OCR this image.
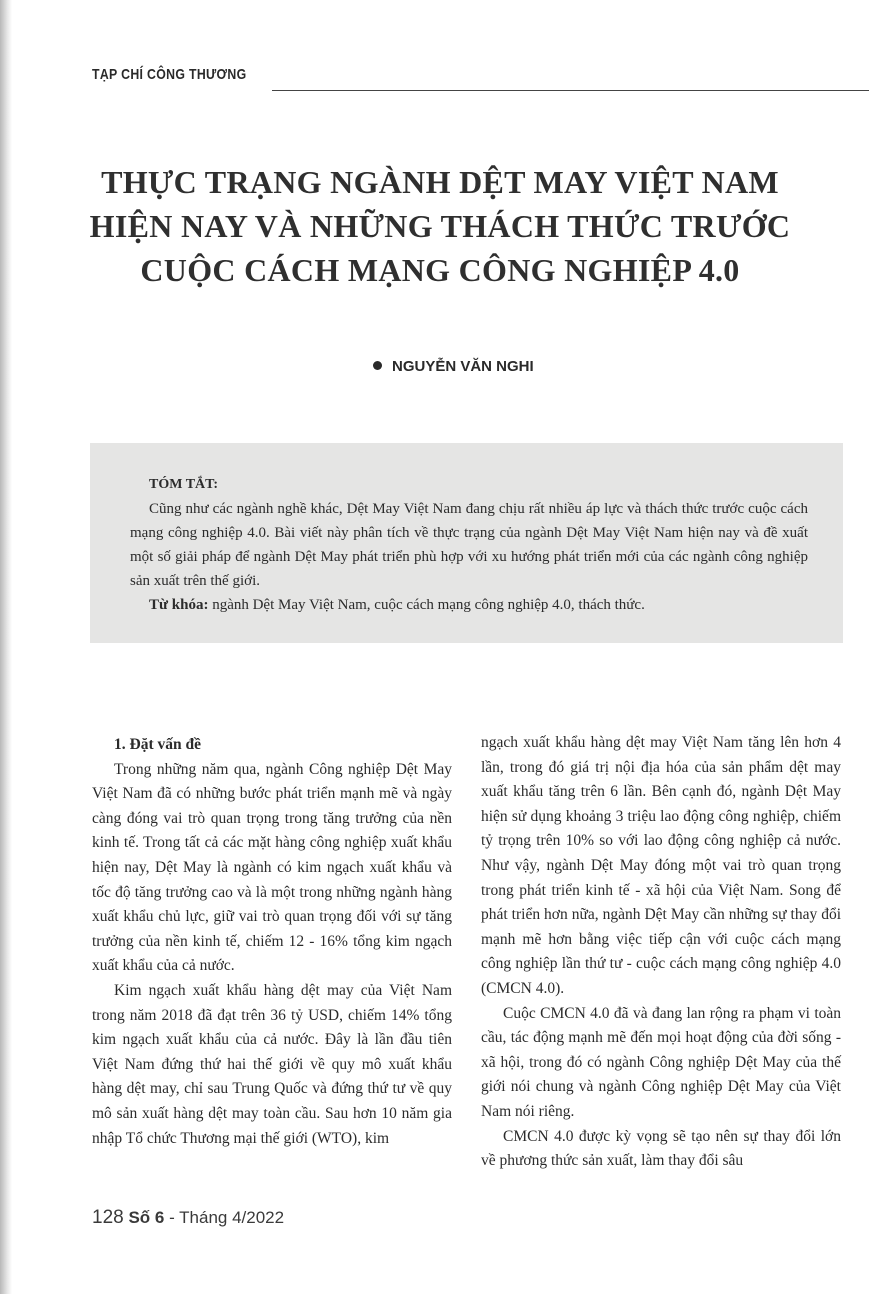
TẠP CHÍ CÔNG THƯƠNG
THỰC TRẠNG NGÀNH DỆT MAY VIỆT NAM
HIỆN NAY VÀ NHỮNG THÁCH THỨC TRƯỚC
CUỘC CÁCH MẠNG CÔNG NGHIỆP 4.0
NGUYỄN VĂN NGHI
TÓM TẮT:
Cũng như các ngành nghề khác, Dệt May Việt Nam đang chịu rất nhiều áp lực và thách thức trước cuộc cách mạng công nghiệp 4.0. Bài viết này phân tích về thực trạng của ngành Dệt May Việt Nam hiện nay và đề xuất một số giải pháp để ngành Dệt May phát triển phù hợp với xu hướng phát triển mới của các ngành công nghiệp sản xuất trên thế giới.
Từ khóa: ngành Dệt May Việt Nam, cuộc cách mạng công nghiệp 4.0, thách thức.
1. Đặt vấn đề

Trong những năm qua, ngành Công nghiệp Dệt May Việt Nam đã có những bước phát triển mạnh mẽ và ngày càng đóng vai trò quan trọng trong tăng trưởng của nền kinh tế. Trong tất cả các mặt hàng công nghiệp xuất khẩu hiện nay, Dệt May là ngành có kim ngạch xuất khẩu và tốc độ tăng trưởng cao và là một trong những ngành hàng xuất khẩu chủ lực, giữ vai trò quan trọng đối với sự tăng trưởng của nền kinh tế, chiếm 12 - 16% tổng kim ngạch xuất khẩu của cả nước.

Kim ngạch xuất khẩu hàng dệt may của Việt Nam trong năm 2018 đã đạt trên 36 tỷ USD, chiếm 14% tổng kim ngạch xuất khẩu của cả nước. Đây là lần đầu tiên Việt Nam đứng thứ hai thế giới về quy mô xuất khẩu hàng dệt may, chỉ sau Trung Quốc và đứng thứ tư về quy mô sản xuất hàng dệt may toàn cầu. Sau hơn 10 năm gia nhập Tổ chức Thương mại thế giới (WTO), kim

ngạch xuất khẩu hàng dệt may Việt Nam tăng lên hơn 4 lần, trong đó giá trị nội địa hóa của sản phẩm dệt may xuất khẩu tăng trên 6 lần. Bên cạnh đó, ngành Dệt May hiện sử dụng khoảng 3 triệu lao động công nghiệp, chiếm tỷ trọng trên 10% so với lao động công nghiệp cả nước. Như vậy, ngành Dệt May đóng một vai trò quan trọng trong phát triển kinh tế - xã hội của Việt Nam. Song để phát triển hơn nữa, ngành Dệt May cần những sự thay đổi mạnh mẽ hơn bằng việc tiếp cận với cuộc cách mạng công nghiệp lần thứ tư - cuộc cách mạng công nghiệp 4.0 (CMCN 4.0).

Cuộc CMCN 4.0 đã và đang lan rộng ra phạm vi toàn cầu, tác động mạnh mẽ đến mọi hoạt động của đời sống - xã hội, trong đó có ngành Công nghiệp Dệt May của thế giới nói chung và ngành Công nghiệp Dệt May của Việt Nam nói riêng.

CMCN 4.0 được kỳ vọng sẽ tạo nên sự thay đổi lớn về phương thức sản xuất, làm thay đổi sâu

128 Số 6 - Tháng 4/2022
